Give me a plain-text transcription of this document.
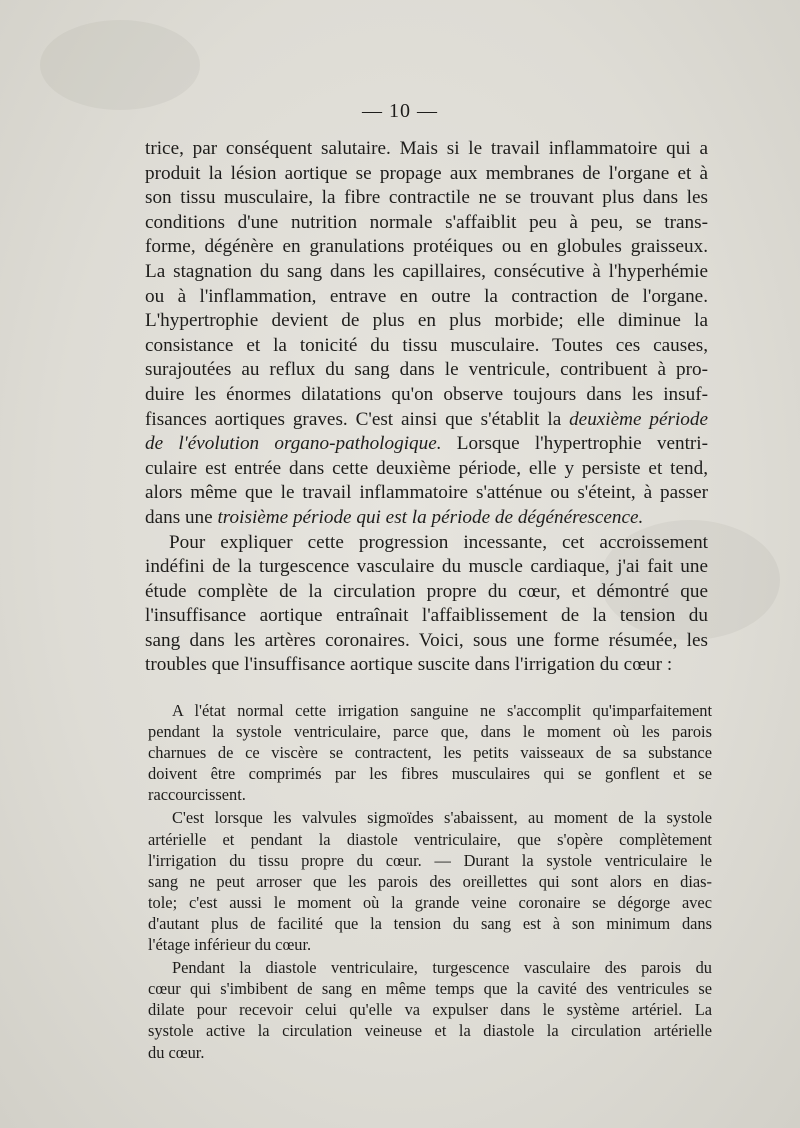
— 10 —
trice, par conséquent salutaire. Mais si le travail inflammatoire qui a
produit la lésion aortique se propage aux membranes de l'organe et à
son tissu musculaire, la fibre contractile ne se trouvant plus dans les
conditions d'une nutrition normale s'affaiblit peu à peu, se trans-
forme, dégénère en granulations protéiques ou en globules graisseux.
La stagnation du sang dans les capillaires, consécutive à l'hyperhémie
ou à l'inflammation, entrave en outre la contraction de l'organe.
L'hypertrophie devient de plus en plus morbide; elle diminue la
consistance et la tonicité du tissu musculaire. Toutes ces causes,
surajoutées au reflux du sang dans le ventricule, contribuent à pro-
duire les énormes dilatations qu'on observe toujours dans les insuf-
fisances aortiques graves. C'est ainsi que s'établit la deuxième période
de l'évolution organo-pathologique. Lorsque l'hypertrophie ventri-
culaire est entrée dans cette deuxième période, elle y persiste et tend,
alors même que le travail inflammatoire s'atténue ou s'éteint, à passer
dans une troisième période qui est la période de dégénérescence.
Pour expliquer cette progression incessante, cet accroissement
indéfini de la turgescence vasculaire du muscle cardiaque, j'ai fait une
étude complète de la circulation propre du cœur, et démontré que
l'insuffisance aortique entraînait l'affaiblissement de la tension du
sang dans les artères coronaires. Voici, sous une forme résumée, les
troubles que l'insuffisance aortique suscite dans l'irrigation du cœur :
A l'état normal cette irrigation sanguine ne s'accomplit qu'imparfaitement
pendant la systole ventriculaire, parce que, dans le moment où les parois
charnues de ce viscère se contractent, les petits vaisseaux de sa substance
doivent être comprimés par les fibres musculaires qui se gonflent et se
raccourcissent.
C'est lorsque les valvules sigmoïdes s'abaissent, au moment de la systole
artérielle et pendant la diastole ventriculaire, que s'opère complètement
l'irrigation du tissu propre du cœur. — Durant la systole ventriculaire le
sang ne peut arroser que les parois des oreillettes qui sont alors en dias-
tole; c'est aussi le moment où la grande veine coronaire se dégorge avec
d'autant plus de facilité que la tension du sang est à son minimum dans
l'étage inférieur du cœur.
Pendant la diastole ventriculaire, turgescence vasculaire des parois du
cœur qui s'imbibent de sang en même temps que la cavité des ventricules se
dilate pour recevoir celui qu'elle va expulser dans le système artériel. La
systole active la circulation veineuse et la diastole la circulation artérielle
du cœur.
